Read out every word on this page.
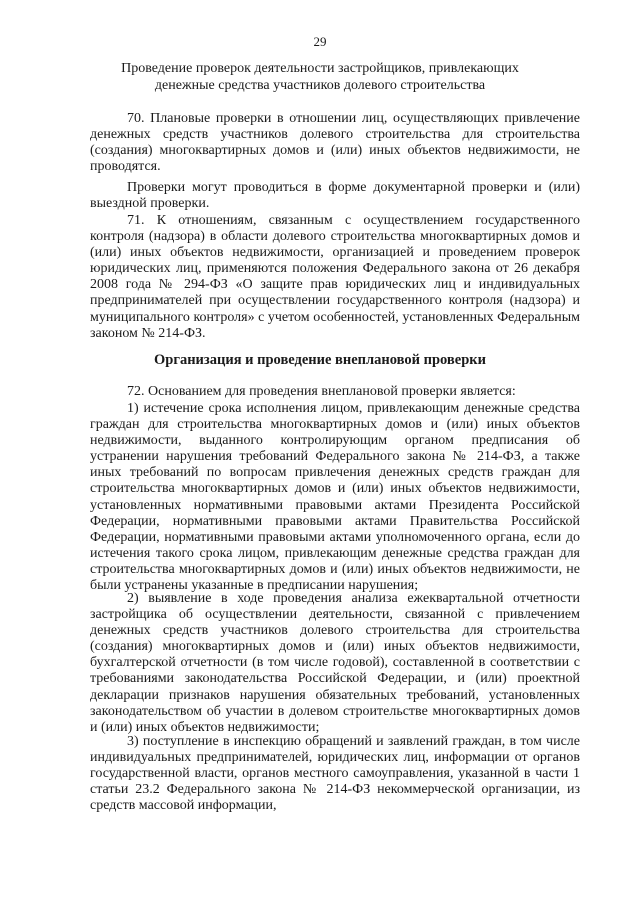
29
Проведение проверок деятельности застройщиков, привлекающих денежные средства участников долевого строительства

70. Плановые проверки в отношении лиц, осуществляющих привлечение денежных средств участников долевого строительства для строительства (создания) многоквартирных домов и (или) иных объектов недвижимости, не проводятся.

Проверки могут проводиться в форме документарной проверки и (или) выездной проверки.

71. К отношениям, связанным с осуществлением государственного контроля (надзора) в области долевого строительства многоквартирных домов и (или) иных объектов недвижимости, организацией и проведением проверок юридических лиц, применяются положения Федерального закона от 26 декабря 2008 года № 294-ФЗ «О защите прав юридических лиц и индивидуальных предпринимателей при осуществлении государственного контроля (надзора) и муниципального контроля» с учетом особенностей, установленных Федеральным законом № 214-ФЗ.

Организация и проведение внеплановой проверки

72. Основанием для проведения внеплановой проверки является:

1) истечение срока исполнения лицом, привлекающим денежные средства граждан для строительства многоквартирных домов и (или) иных объектов недвижимости, выданного контролирующим органом предписания об устранении нарушения требований Федерального закона № 214-ФЗ, а также иных требований по вопросам привлечения денежных средств граждан для строительства многоквартирных домов и (или) иных объектов недвижимости, установленных нормативными правовыми актами Президента Российской Федерации, нормативными правовыми актами Правительства Российской Федерации, нормативными правовыми актами уполномоченного органа, если до истечения такого срока лицом, привлекающим денежные средства граждан для строительства многоквартирных домов и (или) иных объектов недвижимости, не были устранены указанные в предписании нарушения;

2) выявление в ходе проведения анализа ежеквартальной отчетности застройщика об осуществлении деятельности, связанной с привлечением денежных средств участников долевого строительства для строительства (создания) многоквартирных домов и (или) иных объектов недвижимости, бухгалтерской отчетности (в том числе годовой), составленной в соответствии с требованиями законодательства Российской Федерации, и (или) проектной декларации признаков нарушения обязательных требований, установленных законодательством об участии в долевом строительстве многоквартирных домов и (или) иных объектов недвижимости;

3) поступление в инспекцию обращений и заявлений граждан, в том числе индивидуальных предпринимателей, юридических лиц, информации от органов государственной власти, органов местного самоуправления, указанной в части 1 статьи 23.2 Федерального закона № 214-ФЗ некоммерческой организации, из средств массовой информации,
